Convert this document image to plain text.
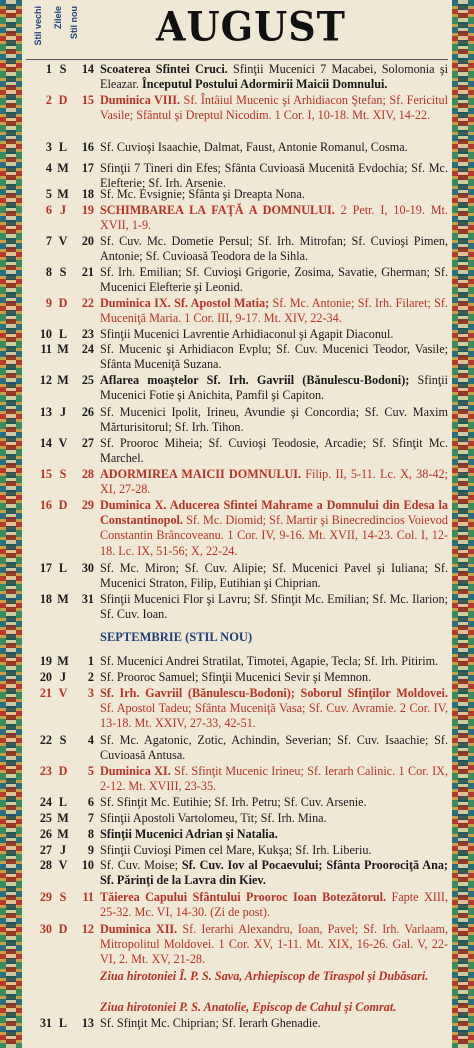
Stil vechi Zilele Stil nou AUGUST
1 S	14 Scoaterea Sfintei Cruci. Sfinţii Mucenici 7 Macabei, Solomonia şi Eleazar. Începutul Postului Adormirii Maicii Domnului.
2 D	15 Duminica VIII. Sf. Întâiul Mucenic şi Arhidiacon Ştefan; Sf. Fericitul Vasile; Sfântul şi Dreptul Nicodim. 1 Cor. I, 10-18. Mt. XIV, 14-22.
3 L	16 Sf. Cuvioşi Isaachie, Dalmat, Faust, Antonie Romanul, Cosma.
4 M	17 Sfinţii 7 Tineri din Efes; Sfânta Cuvioasă Mucenită Evdochia; Sf. Mc. Elefterie; Sf. Irh. Arsenie.
5 M	18 Sf. Mc. Evsignie; Sfânta şi Dreapta Nona.
6 J	19 SCHIMBAREA LA FAŢĂ A DOMNULUI. 2 Petr. I, 10-19. Mt. XVII, 1-9.
7 V	20 Sf. Cuv. Mc. Dometie Persul; Sf. Irh. Mitrofan; Sf. Cuvioşi Pimen, Antonie; Sf. Cuvioasă Teodora de la Sihla.
8 S	21 Sf. Irh. Emilian; Sf. Cuvioşi Grigorie, Zosima, Savatie, Gherman; Sf. Mucenici Elefterie şi Leonid.
9 D	22 Duminica IX. Sf. Apostol Matia; Sf. Mc. Antonie; Sf. Irh. Filaret; Sf. Muceniţă Maria. 1 Cor. III, 9-17. Mt. XIV, 22-34.
10 L	23 Sfinţii Mucenici Lavrentie Arhidiaconul şi Agapit Diaconul.
11 M	24 Sf. Mucenic şi Arhidiacon Evplu; Sf. Cuv. Mucenici Teodor, Vasile; Sfânta Muceniţă Suzana.
12 M	25 Aflarea moaştelor Sf. Irh. Gavriil (Bănulescu-Bodoni); Sfinţii Mucenici Fotie şi Anichita, Pamfil şi Capiton.
13 J	26 Sf. Mucenici Ipolit, Irineu, Avundie şi Concordia; Sf. Cuv. Maxim Mărturisitorul; Sf. Irh. Tihon.
14 V	27 Sf. Prooroc Miheia; Sf. Cuvioşi Teodosie, Arcadie; Sf. Sfinţit Mc. Marchel.
15 S	28 ADORMIREA MAICII DOMNULUI. Filip. II, 5-11. Lc. X, 38-42; XI, 27-28.
16 D	29 Duminica X. Aducerea Sfintei Mahrame a Domnului din Edesa la Constantinopol. Sf. Mc. Diomid; Sf. Martir şi Binecredincios Voievod Constantin Brâncoveanu. 1 Cor. IV, 9-16. Mt. XVII, 14-23. Col. I, 12-18. Lc. IX, 51-56; X, 22-24.
17 L	30 Sf. Mc. Miron; Sf. Cuv. Alipie; Sf. Mucenici Pavel şi Iuliana; Sf. Mucenici Straton, Filip, Eutihian şi Chiprian.
18 M	31 Sfinţii Mucenici Flor şi Lavru; Sf. Sfinţit Mc. Emilian; Sf. Mc. Ilarion; Sf. Cuv. Ioan.
19 M	1 Sf. Mucenici Andrei Stratilat, Timotei, Agapie, Tecla; Sf. Irh. Pitirim.
20 J	2 Sf. Prooroc Samuel; Sfinţii Mucenici Sevir şi Memnon.
21 V	3 Sf. Irh. Gavriil (Bănulescu-Bodoni); Soborul Sfinţilor Moldovei. Sf. Apostol Tadeu; Sfânta Muceniţă Vasa; Sf. Cuv. Avramie. 2 Cor. IV, 13-18. Mt. XXIV, 27-33, 42-51.
22 S	4 Sf. Mc. Agatonic, Zotic, Achindin, Severian; Sf. Cuv. Isaachie; Sf. Cuvioasă Antusa.
23 D	5 Duminica XI. Sf. Sfinţit Mucenic Irineu; Sf. Ierarh Calinic. 1 Cor. IX, 2-12. Mt. XVIII, 23-35.
24 L	6 Sf. Sfinţit Mc. Eutihie; Sf. Irh. Petru; Sf. Cuv. Arsenie.
25 M	7 Sfinţii Apostoli Vartolomeu, Tit; Sf. Irh. Mina.
26 M	8 Sfinţii Mucenici Adrian şi Natalia.
27 J	9 Sfinţii Cuvioşi Pimen cel Mare, Kukşa; Sf. Irh. Liberiu.
28 V	10 Sf. Cuv. Moise; Sf. Cuv. Iov al Pocaevului; Sfânta Proorociţă Ana; Sf. Părinţi de la Lavra din Kiev.
29 S	11 Tăierea Capului Sfântului Prooroc Ioan Botezătorul. Fapte XIII, 25-32. Mc. VI, 14-30. (Zi de post).
30 D	12 Duminica XII. Sf. Ierarhi Alexandru, Ioan, Pavel; Sf. Irh. Varlaam, Mitropolitul Moldovei. 1 Cor. XV, 1-11. Mt. XIX, 16-26. Gal. V, 22-VI, 2. Mt. XV, 21-28.
31 L	13 Sf. Sfinţit Mc. Chiprian; Sf. Ierarh Ghenadie.
SEPTEMBRIE (STIL NOU)
Ziua hirotoniei Î. P. S. Sava, Arhiepiscop de Tiraspol şi Dubăsari.
Ziua hirotoniei P. S. Anatolie, Episcop de Cahul şi Comrat.
